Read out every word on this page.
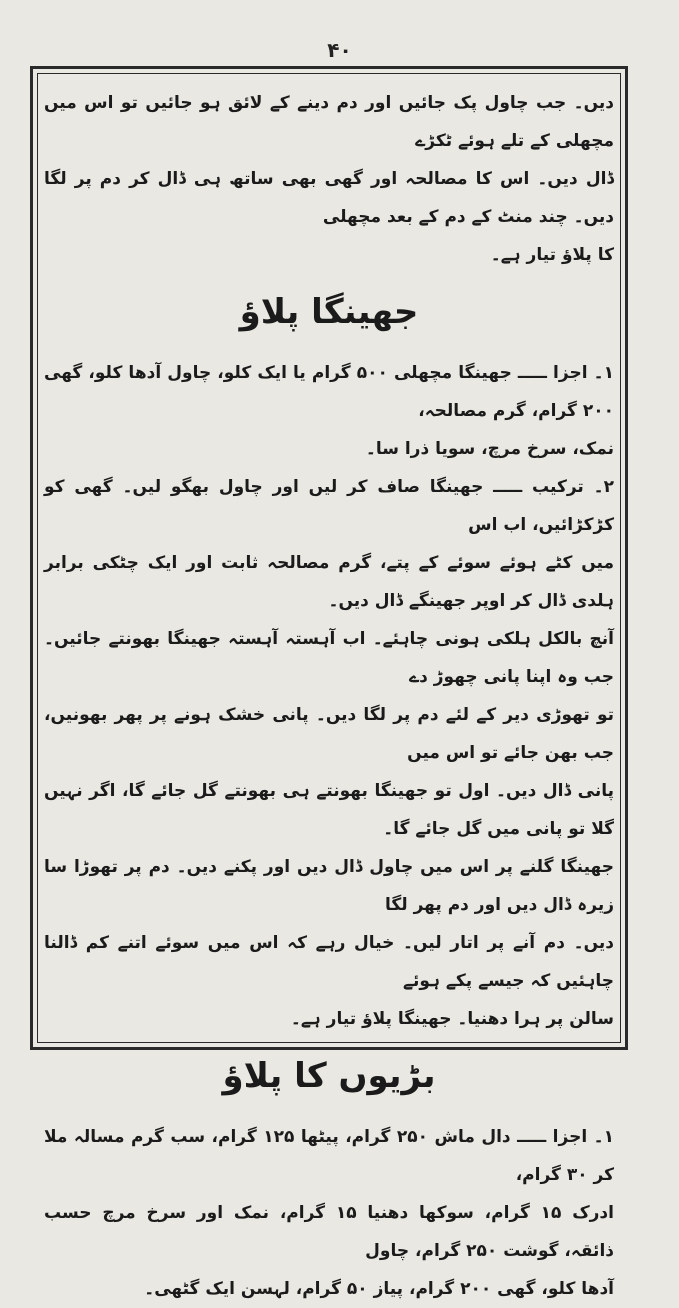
۴۰
دیں۔ جب چاول پک جائیں اور دم دینے کے لائق ہو جائیں تو اس میں مچھلی کے تلے ہوئے ٹکڑے
ڈال دیں۔ اس کا مصالحہ اور گھی بھی ساتھ ہی ڈال کر دم پر لگا دیں۔ چند منٹ کے دم کے بعد مچھلی
کا پلاؤ تیار ہے۔
جھینگا پلاؤ
۱۔ اجزا ـــــ جھینگا مچھلی ۵۰۰ گرام یا ایک کلو، چاول آدھا کلو، گھی ۲۰۰ گرام، گرم مصالحہ،
نمک، سرخ مرچ، سویا ذرا سا۔
۲۔ ترکیب ـــــ جھینگا صاف کر لیں اور چاول بھگو لیں۔ گھی کو کڑکڑائیں، اب اس
میں کٹے ہوئے سوئے کے پتے، گرم مصالحہ ثابت اور ایک چٹکی برابر ہلدی ڈال کر اوپر جھینگے ڈال دیں۔
آنچ بالکل ہلکی ہونی چاہئے۔ اب آہستہ آہستہ جھینگا بھونتے جائیں۔ جب وہ اپنا پانی چھوڑ دے
تو تھوڑی دیر کے لئے دم پر لگا دیں۔ پانی خشک ہونے پر پھر بھونیں، جب بھن جائے تو اس میں
پانی ڈال دیں۔ اول تو جھینگا بھونتے ہی بھونتے گل جائے گا، اگر نہیں گلا تو پانی میں گل جائے گا۔
جھینگا گلنے پر اس میں چاول ڈال دیں اور پکنے دیں۔ دم پر تھوڑا سا زیرہ ڈال دیں اور دم پھر لگا
دیں۔ دم آنے پر اتار لیں۔ خیال رہے کہ اس میں سوئے اتنے کم ڈالنا چاہئیں کہ جیسے پکے ہوئے
سالن پر ہرا دھنیا۔ جھینگا پلاؤ تیار ہے۔
بڑیوں کا پلاؤ
۱۔ اجزا ـــــ دال ماش ۲۵۰ گرام، پیٹھا ۱۲۵ گرام، سب گرم مسالہ ملا کر ۳۰ گرام،
ادرک ۱۵ گرام، سوکھا دھنیا ۱۵ گرام، نمک اور سرخ مرچ حسب ذائقہ، گوشت ۲۵۰ گرام، چاول
آدھا کلو، گھی ۲۰۰ گرام، پیاز ۵۰ گرام، لہسن ایک گٹھی۔
